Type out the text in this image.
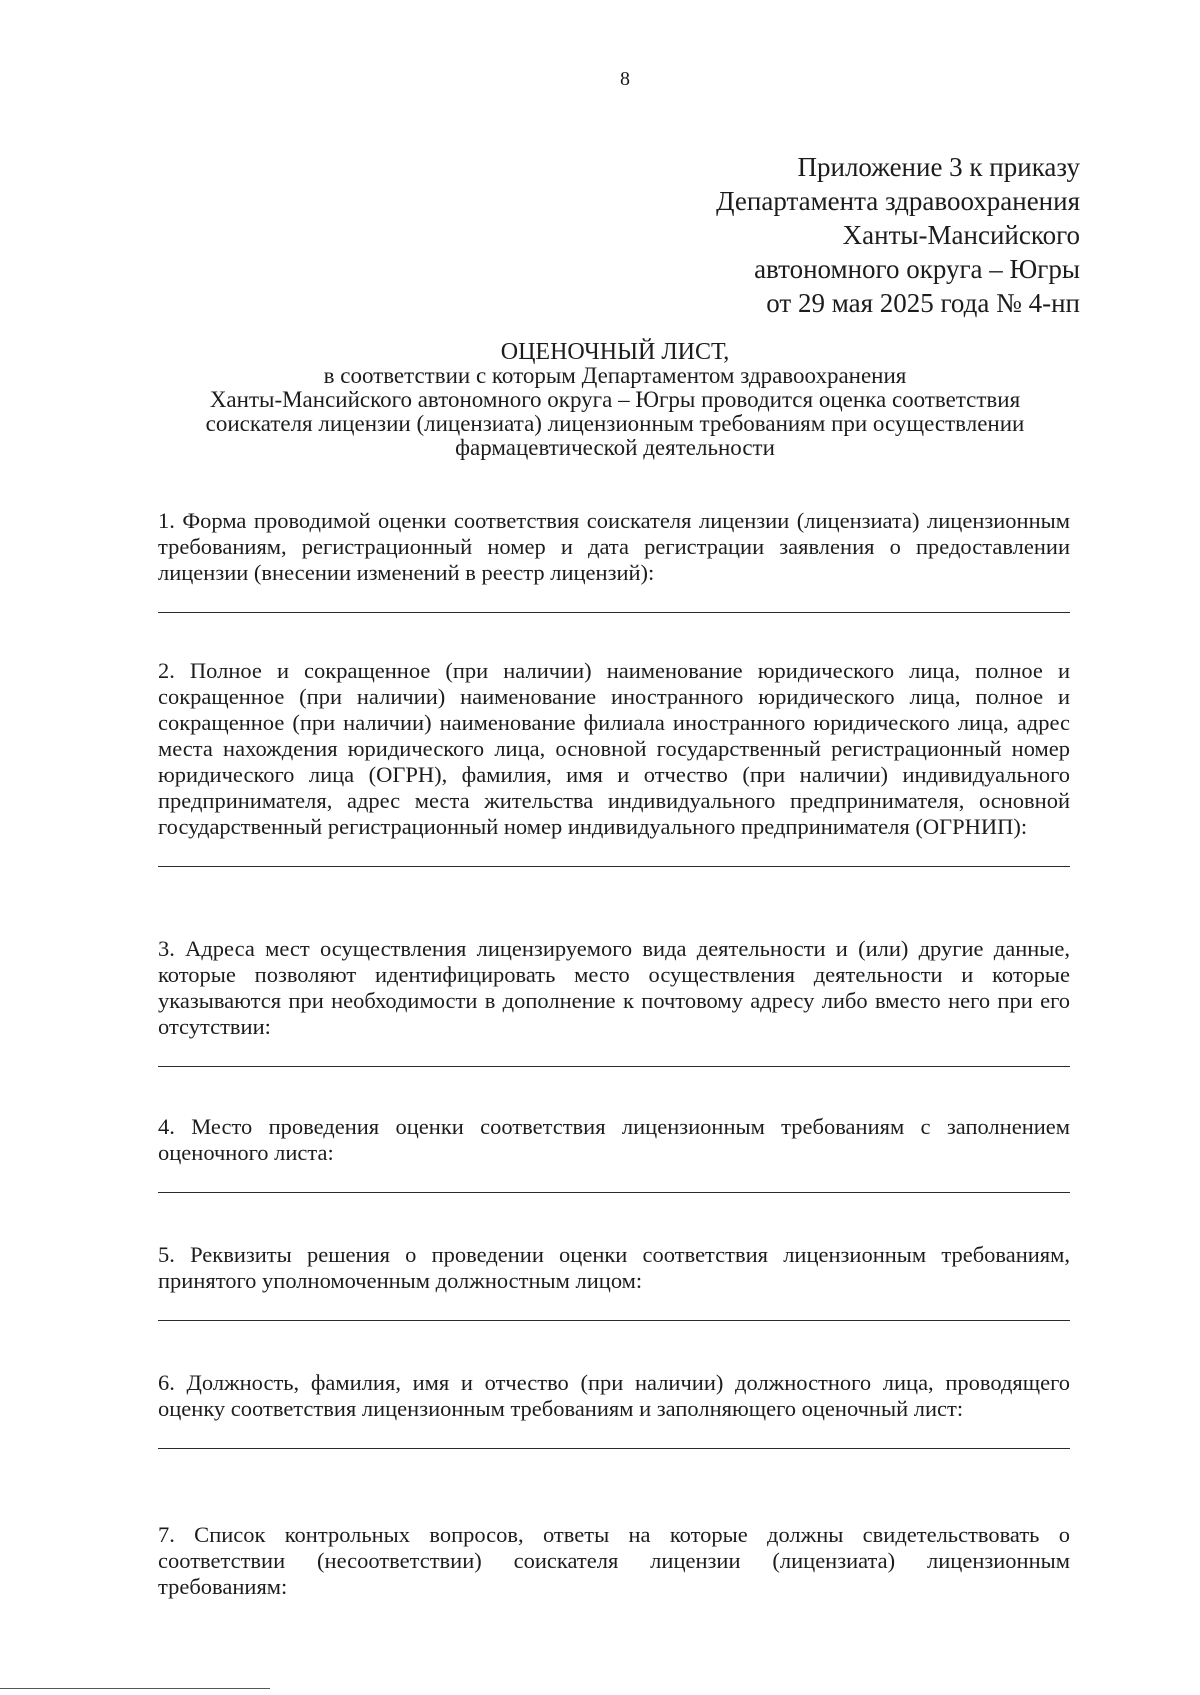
8
Приложение 3 к приказу
Департамента здравоохранения
Ханты-Мансийского
автономного округа – Югры
от 29 мая 2025 года № 4-нп
ОЦЕНОЧНЫЙ ЛИСТ,
в соответствии с которым Департаментом здравоохранения
Ханты-Мансийского автономного округа – Югры проводится оценка соответствия
соискателя лицензии (лицензиата) лицензионным требованиям при осуществлении
фармацевтической деятельности

1. Форма проводимой оценки соответствия соискателя лицензии (лицензиата) лицензионным требованиям, регистрационный номер и дата регистрации заявления о предоставлении лицензии (внесении изменений в реестр лицензий):

2. Полное и сокращенное (при наличии) наименование юридического лица, полное и сокращенное (при наличии) наименование иностранного юридического лица, полное и сокращенное (при наличии) наименование филиала иностранного юридического лица, адрес места нахождения юридического лица, основной государственный регистрационный номер юридического лица (ОГРН), фамилия, имя и отчество (при наличии) индивидуального предпринимателя, адрес места жительства индивидуального предпринимателя, основной государственный регистрационный номер индивидуального предпринимателя (ОГРНИП):

3. Адреса мест осуществления лицензируемого вида деятельности и (или) другие данные, которые позволяют идентифицировать место осуществления деятельности и которые указываются при необходимости в дополнение к почтовому адресу либо вместо него при его отсутствии:

4. Место проведения оценки соответствия лицензионным требованиям с заполнением оценочного листа:

5. Реквизиты решения о проведении оценки соответствия лицензионным требованиям, принятого уполномоченным должностным лицом:

6. Должность, фамилия, имя и отчество (при наличии) должностного лица, проводящего оценку соответствия лицензионным требованиям и заполняющего оценочный лист:

7. Список контрольных вопросов, ответы на которые должны свидетельствовать о соответствии (несоответствии) соискателя лицензии (лицензиата) лицензионным требованиям:
